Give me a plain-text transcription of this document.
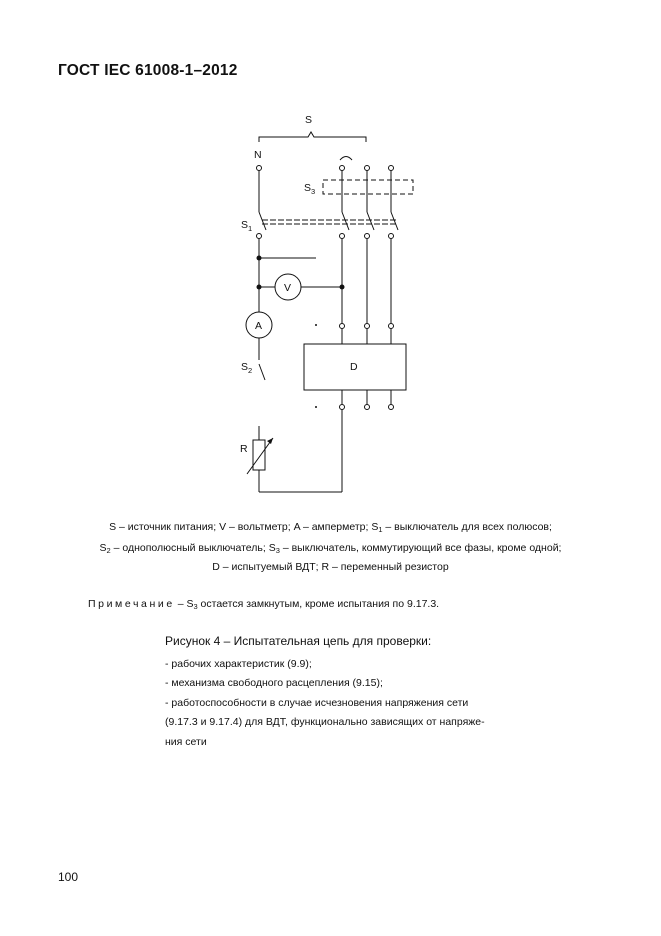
ГОСТ IEC 61008-1–2012
S
N
$S_3$
$S_1$
V
A
$S_2$	D
R
S – источник питания; V – вольтметр; A – амперметр; S1 – выключатель для всех полюсов;
S2 – однополюсный выключатель; S3 – выключатель, коммутирующий все фазы, кроме одной;
D – испытуемый ВДТ; R – переменный резистор
Примечание – S3 остается замкнутым, кроме испытания по 9.17.3.
Рисунок 4 – Испытательная цепь для проверки:
- рабочих характеристик (9.9);
- механизма свободного расцепления (9.15);
- работоспособности в случае исчезновения напряжения сети
(9.17.3 и 9.17.4) для ВДТ, функционально зависящих от напряже-
ния сети
100
